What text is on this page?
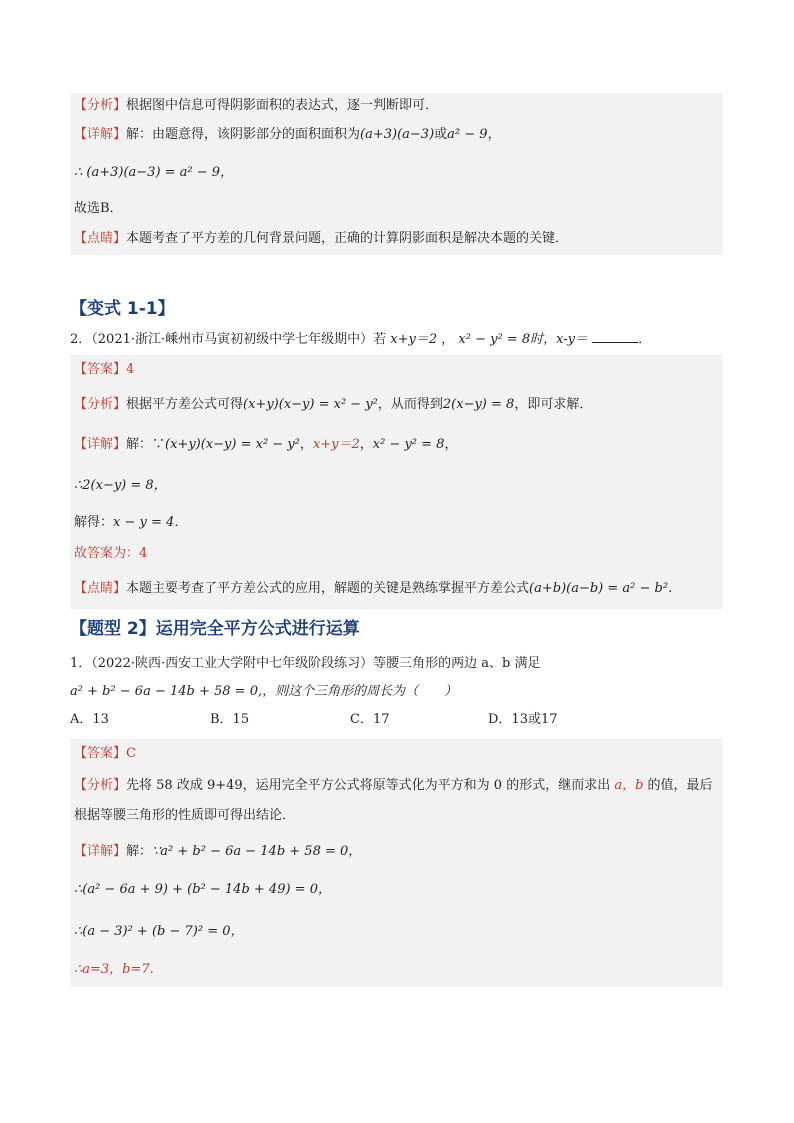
【分析】 根据图中信息可得阴影面积的表达式，逐一判断即可．
【详解】 解：由题意得，该阴影部分的面积面积为 (a+3)(a−3) 或 a² − 9 ，
∴ (a+3)(a−3) = a² − 9，
故选B．
【点睛】 本题考查了平方差的几何背景问题，正确的计算阴影面积是解决本题的关键．
【变式 1-1】
2．（2021·浙江·嵊州市马寅初初级中学七年级期中）若 x+y＝2 ， x² − y² = 8时，x-y＝	．
【答案】 4
【分析】 根据平方差公式可得 (x+y)(x−y) = x² − y² ，从而得到 2(x−y) = 8 ，即可求解．
【详解】 解：∵ (x+y)(x−y) = x² − y² ， x+y＝2 ， x² − y² = 8 ，
∴2(x−y) = 8，
解得： x − y = 4．
故答案为：4
【点睛】 本题主要考查了平方差公式的应用，解题的关键是熟练掌握平方差公式 (a+b)(a−b) = a² − b²．
【题型 2】运用完全平方公式进行运算
1．（2022·陕西·西安工业大学附中七年级阶段练习）等腰三角形的两边 a、b 满足
a² + b² − 6a − 14b + 58 = 0,，则这个三角形的周长为（　　）
A．13	B．15	C．17	D．13或17
【答案】 C
【分析】先将 58 改成 9+49，运用完全平方公式将原等式化为平方和为 0 的形式，继而求出 a，b 的值，最后根据等腰三角形的性质即可得出结论．
【详解】 解： ∵a² + b² − 6a − 14b + 58 = 0，
∴(a² − 6a + 9) + (b² − 14b + 49) = 0，
∴(a − 3)² + (b − 7)² = 0，
∴a=3，b=7.
